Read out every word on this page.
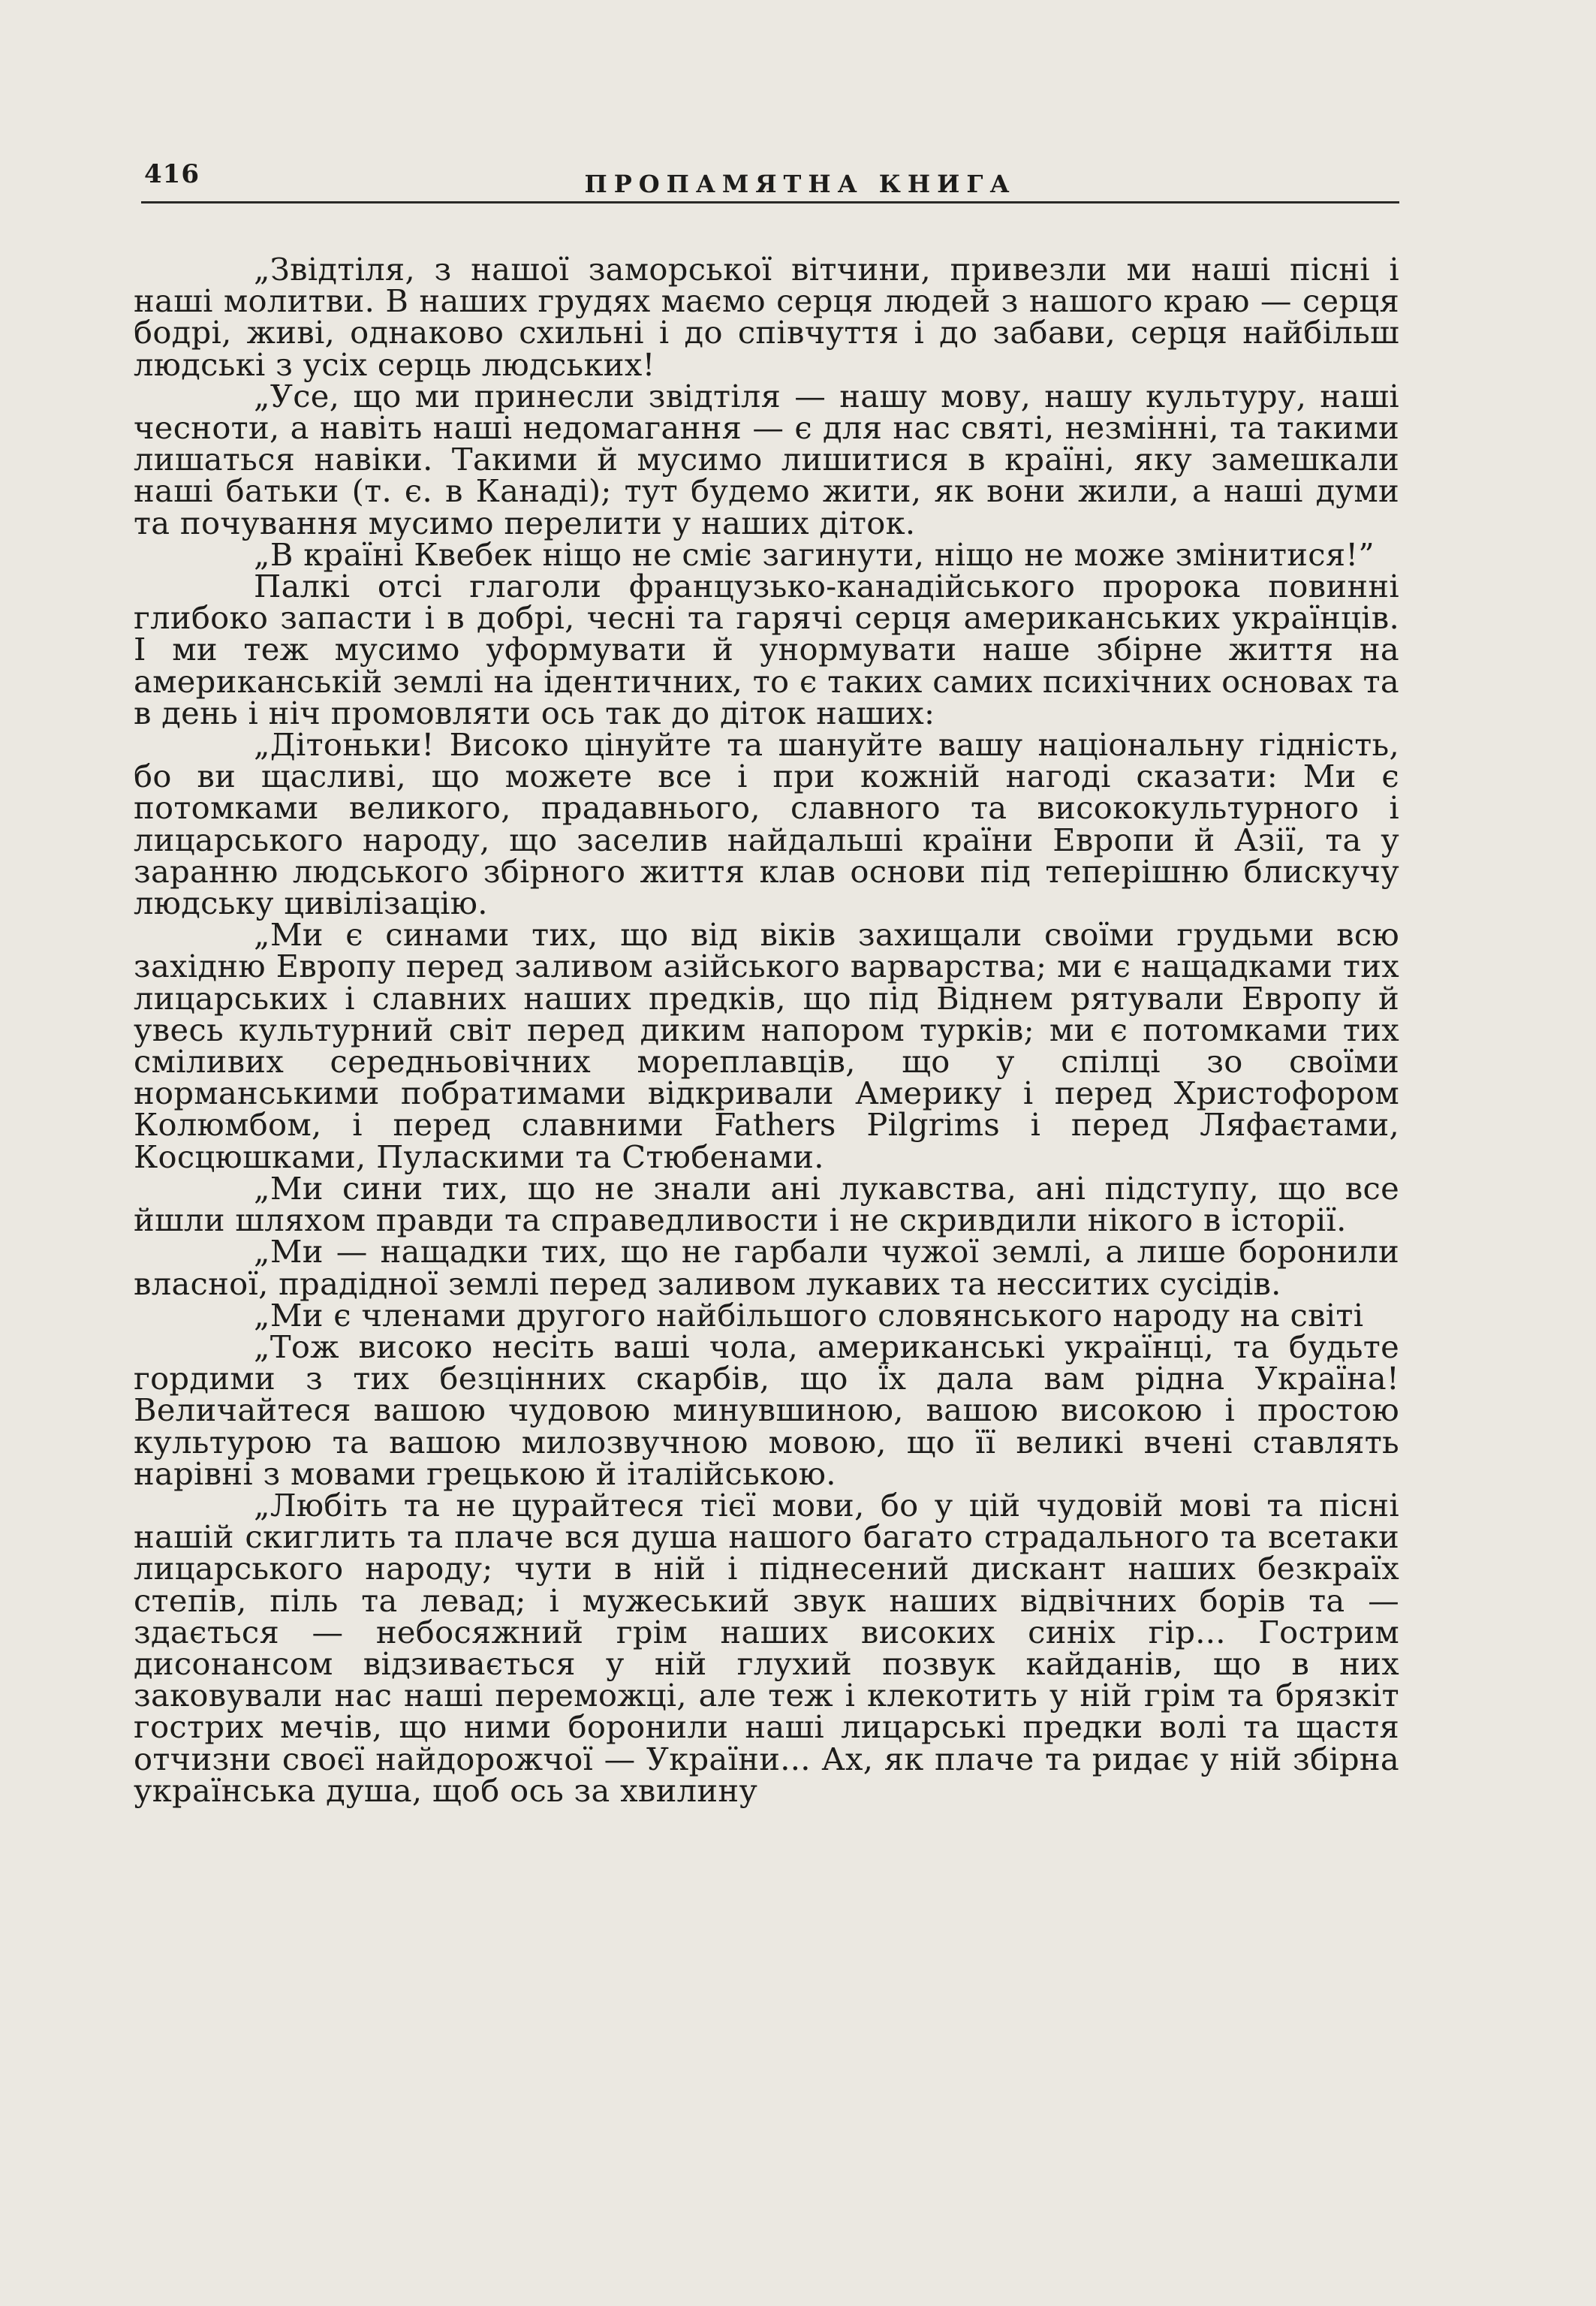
416	ПРОПАМЯТНА КНИГА

„Звідтіля, з нашої заморської вітчини, привезли ми наші пісні і наші молитви. В наших грудях маємо серця людей з нашого краю — серця бодрі, живі, однаково схильні і до співчуття і до забави, серця найбільш людські з усіх серць людських!

„Усе, що ми принесли звідтіля — нашу мову, нашу культуру, наші чесноти, а навіть наші недомагання — є для нас святі, незмінні, та такими лишаться навіки. Такими й мусимо лишитися в країні, яку замешкали наші батьки (т. є. в Канаді); тут будемо жити, як вони жили, а наші думи та почування мусимо перелити у наших діток.

„В країні Квебек ніщо не сміє загинути, ніщо не може змінитися!”

Палкі отсі глаголи французько-канадійського пророка повинні глибоко запасти і в добрі, чесні та гарячі серця американських українців. І ми теж мусимо уформувати й унормувати наше збірне життя на американській землі на ідентичних, то є таких самих психічних основах та в день і ніч промовляти ось так до діток наших:

„Дітоньки! Високо цінуйте та шануйте вашу національну гідність, бо ви щасливі, що можете все і при кожній нагоді сказати: Ми є потомками великого, прадавнього, славного та висококультурного і лицарського народу, що заселив найдальші країни Европи й Азії, та у заранню людського збірного життя клав основи під теперішню блискучу людську цивілізацію.

„Ми є синами тих, що від віків захищали своїми грудьми всю західню Европу перед заливом азійського варварства; ми є нащадками тих лицарських і славних наших предків, що під Віднем рятували Европу й увесь культурний світ перед диким напором турків; ми є потомками тих сміливих середньовічних мореплавців, що у спілці зо своїми норманськими побратимами відкривали Америку і перед Христофором Колюмбом, і перед славними Fathers Pilgrims і перед Ляфаєтами, Косцюшками, Пуласкими та Стюбенами.

„Ми сини тих, що не знали ані лукавства, ані підступу, що все йшли шляхом правди та справедливости і не скривдили нікого в історії.

„Ми — нащадки тих, що не гарбали чужої землі, а лише боронили власної, прадідної землі перед заливом лукавих та несситих сусідів.

„Ми є членами другого найбільшого словянського народу на світі

„Тож високо несіть ваші чола, американські українці, та будьте гордими з тих безцінних скарбів, що їх дала вам рідна Україна! Величайтеся вашою чудовою минувшиною, вашою високою і простою культурою та вашою милозвучною мовою, що її великі вчені ставлять нарівні з мовами грецькою й італійською.

„Любіть та не цурайтеся тієї мови, бо у цій чудовій мові та пісні нашій скиглить та плаче вся душа нашого багато страдального та всетаки лицарського народу; чути в ній і піднесений дискант наших безкраїх степів, піль та левад; і мужеський звук наших відвічних борів та — здається — небосяжний грім наших високих синіх гір... Гострим дисонансом відзивається у ній глухий позвук кайданів, що в них заковували нас наші переможці, але теж і клекотить у ній грім та брязкіт гострих мечів, що ними боронили наші лицарські предки волі та щастя отчизни своєї найдорожчої — України... Ах, як плаче та ридає у ній збірна українська душа, щоб ось за хвилину
